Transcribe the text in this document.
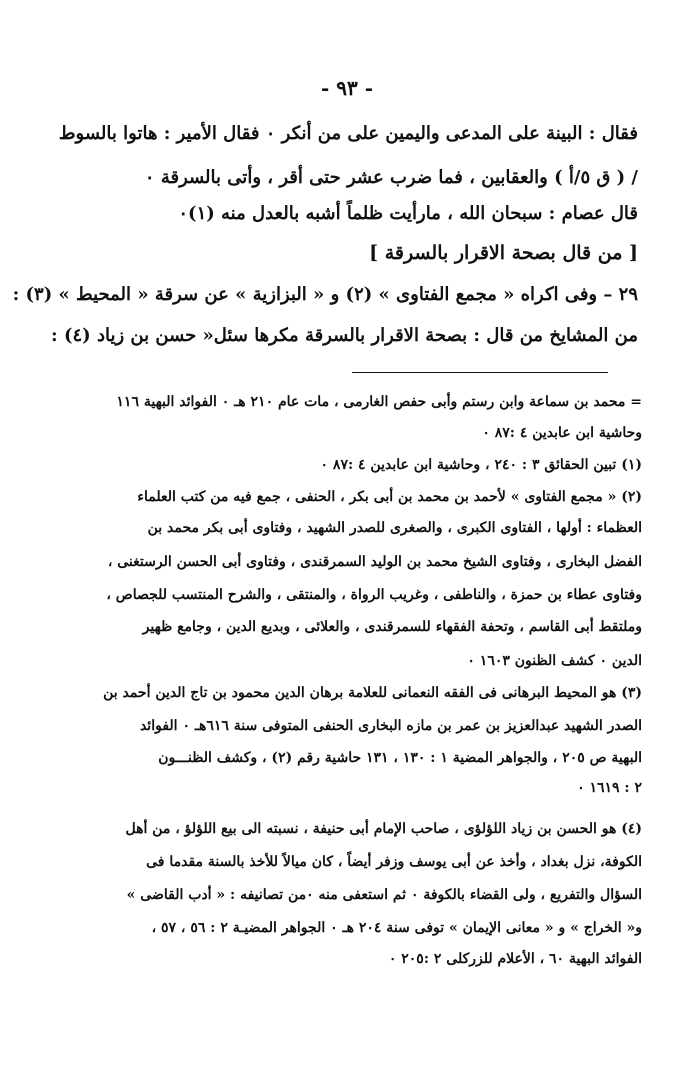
- ٩٣ -
فقال : البينة على المدعى واليمين على من أنكر ٠ فقال الأمير : هاتوا بالسوط
/ ( ق ٥/أ ) والعقابين ، فما ضرب عشر حتى أقر ، وأتى بالسرقة ٠
قال عصام : سبحان الله ، مارأيت ظلماً أشبه بالعدل منه (١)٠
[ من قال بصحة الاقرار بالسرقة ]
٢٩ – وفى اكراه « مجمع الفتاوى » (٢) و « البزازية » عن سرقة « المحيط » (٣) :
من المشايخ من قال : بصحة الاقرار بالسرقة مكرها سئل« حسن بن زياد (٤) :
= محمد بن سماعة وابن رستم وأبى حفص الغارمى ، مات عام ٢١٠ هـ ٠ الفوائد البهية ١١٦
وحاشية ابن عابدين ٤ :٨٧ ٠
(١) تبين الحقائق ٣ : ٢٤٠ ، وحاشية ابن عابدين ٤ :٨٧ ٠
(٢) « مجمع الفتاوى » لأحمد بن محمد بن أبى بكر ، الحنفى ، جمع فيه من كتب العلماء
العظماء : أولها ، الفتاوى الكبرى ، والصغرى للصدر الشهيد ، وفتاوى أبى بكر محمد بن
الفضل البخارى ، وفتاوى الشيخ محمد بن الوليد السمرقندى ، وفتاوى أبى الحسن الرستغنى ،
وفتاوى عطاء بن حمزة ، والناطفى ، وغريب الرواة ، والمنتقى ، والشرح المنتسب للجصاص ،
وملتقط أبى القاسم ، وتحفة الفقهاء للسمرقندى ، والعلائى ، وبديع الدين ، وجامع ظهير
الدين ٠ كشف الظنون ١٦٠٣ ٠
(٣) هو المحيط البرهانى فى الفقه النعمانى للعلامة برهان الدين محمود بن تاج الدين أحمد بن
الصدر الشهيد عبدالعزيز بن عمر بن مازه البخارى الحنفى المتوفى سنة ٦١٦هـ ٠ الفوائد
البهية ص ٢٠٥ ، والجواهر المضية ١ : ١٣٠ ، ١٣١ حاشية رقم (٢) ، وكشف الظنـــون
٢ : ١٦١٩ ٠
(٤) هو الحسن بن زياد اللؤلؤى ، صاحب الإمام أبى حنيفة ، نسبته الى بيع اللؤلؤ ، من أهل
الكوفة، نزل بغداد ، وأخذ عن أبى يوسف وزفر أيضاً ، كان ميالاً للأخذ بالسنة مقدما فى
السؤال والتفريع ، ولى القضاء بالكوفة ٠ ثم استعفى منه ٠من تصانيفه : « أدب القاضى »
و« الخراج » و « معانى الإيمان » توفى سنة ٢٠٤ هـ ٠ الجواهر المضيـة ٢ : ٥٦ ، ٥٧ ،
الفوائد البهية ٦٠ ، الأعلام للزركلى ٢ :٢٠٥ ٠
